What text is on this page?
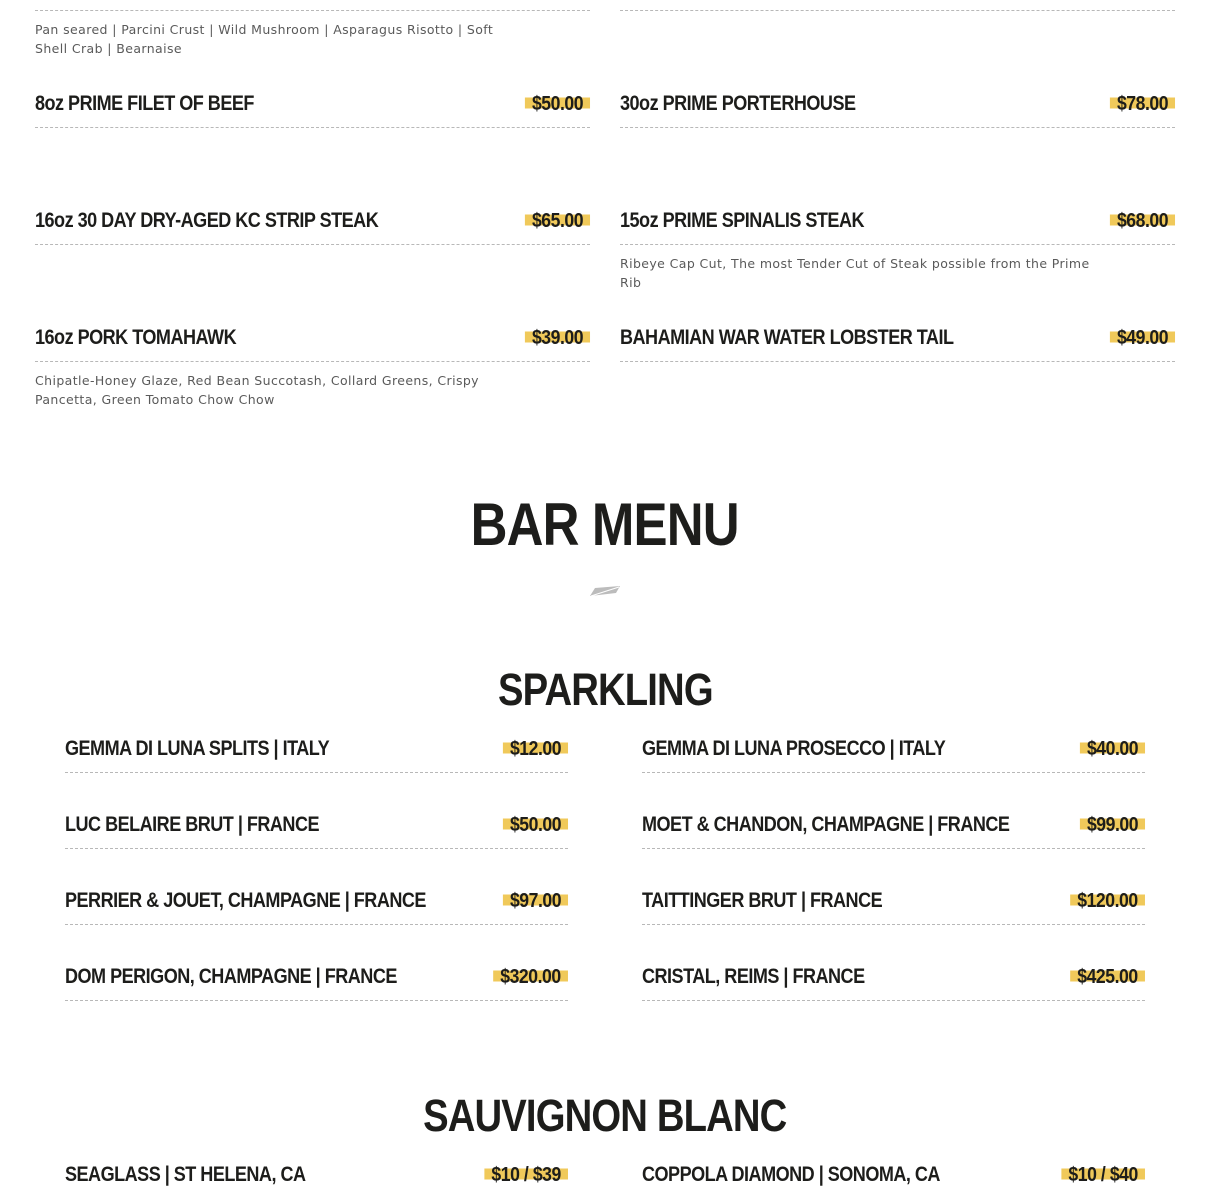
Pan seared | Parcini Crust | Wild Mushroom | Asparagus Risotto | Soft Shell Crab | Bearnaise
8oz PRIME FILET OF BEEF	$50.00	30oz PRIME PORTERHOUSE	$78.00
16oz 30 DAY DRY-AGED KC STRIP STEAK	$65.00	15oz PRIME SPINALIS STEAK	$68.00
Ribeye Cap Cut, The most Tender Cut of Steak possible from the Prime Rib
16oz PORK TOMAHAWK	$39.00
Chipatle-Honey Glaze, Red Bean Succotash, Collard Greens, Crispy Pancetta, Green Tomato Chow Chow
BAHAMIAN WAR WATER LOBSTER TAIL	$49.00
BAR MENU
SPARKLING
GEMMA DI LUNA SPLITS | ITALY	$12.00	GEMMA DI LUNA PROSECCO | ITALY	$40.00
LUC BELAIRE BRUT | FRANCE	$50.00	MOET & CHANDON, CHAMPAGNE | FRANCE	$99.00
PERRIER & JOUET, CHAMPAGNE | FRANCE	$97.00	TAITTINGER BRUT | FRANCE	$120.00
DOM PERIGON, CHAMPAGNE | FRANCE	$320.00	CRISTAL, REIMS | FRANCE	$425.00
SAUVIGNON BLANC
SEAGLASS | ST HELENA, CA	$10 / $39	COPPOLA DIAMOND | SONOMA, CA	$10 / $40
